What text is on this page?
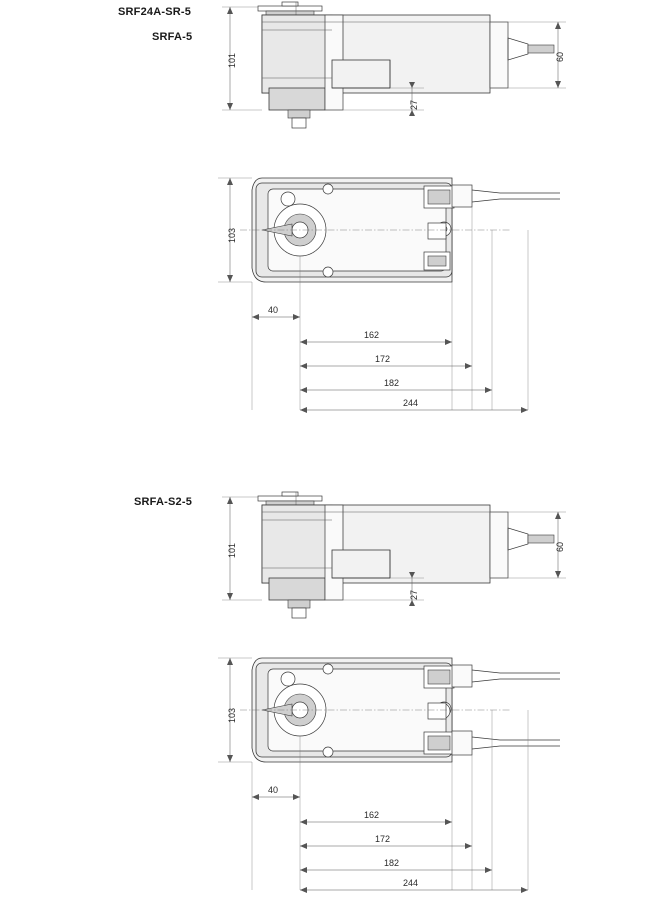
SRF24A-SR-5
SRFA-5
101	60
27
103
40
162
172
182
244
SRFA-S2-5
101	60
27
103
40
162
172
182
244
